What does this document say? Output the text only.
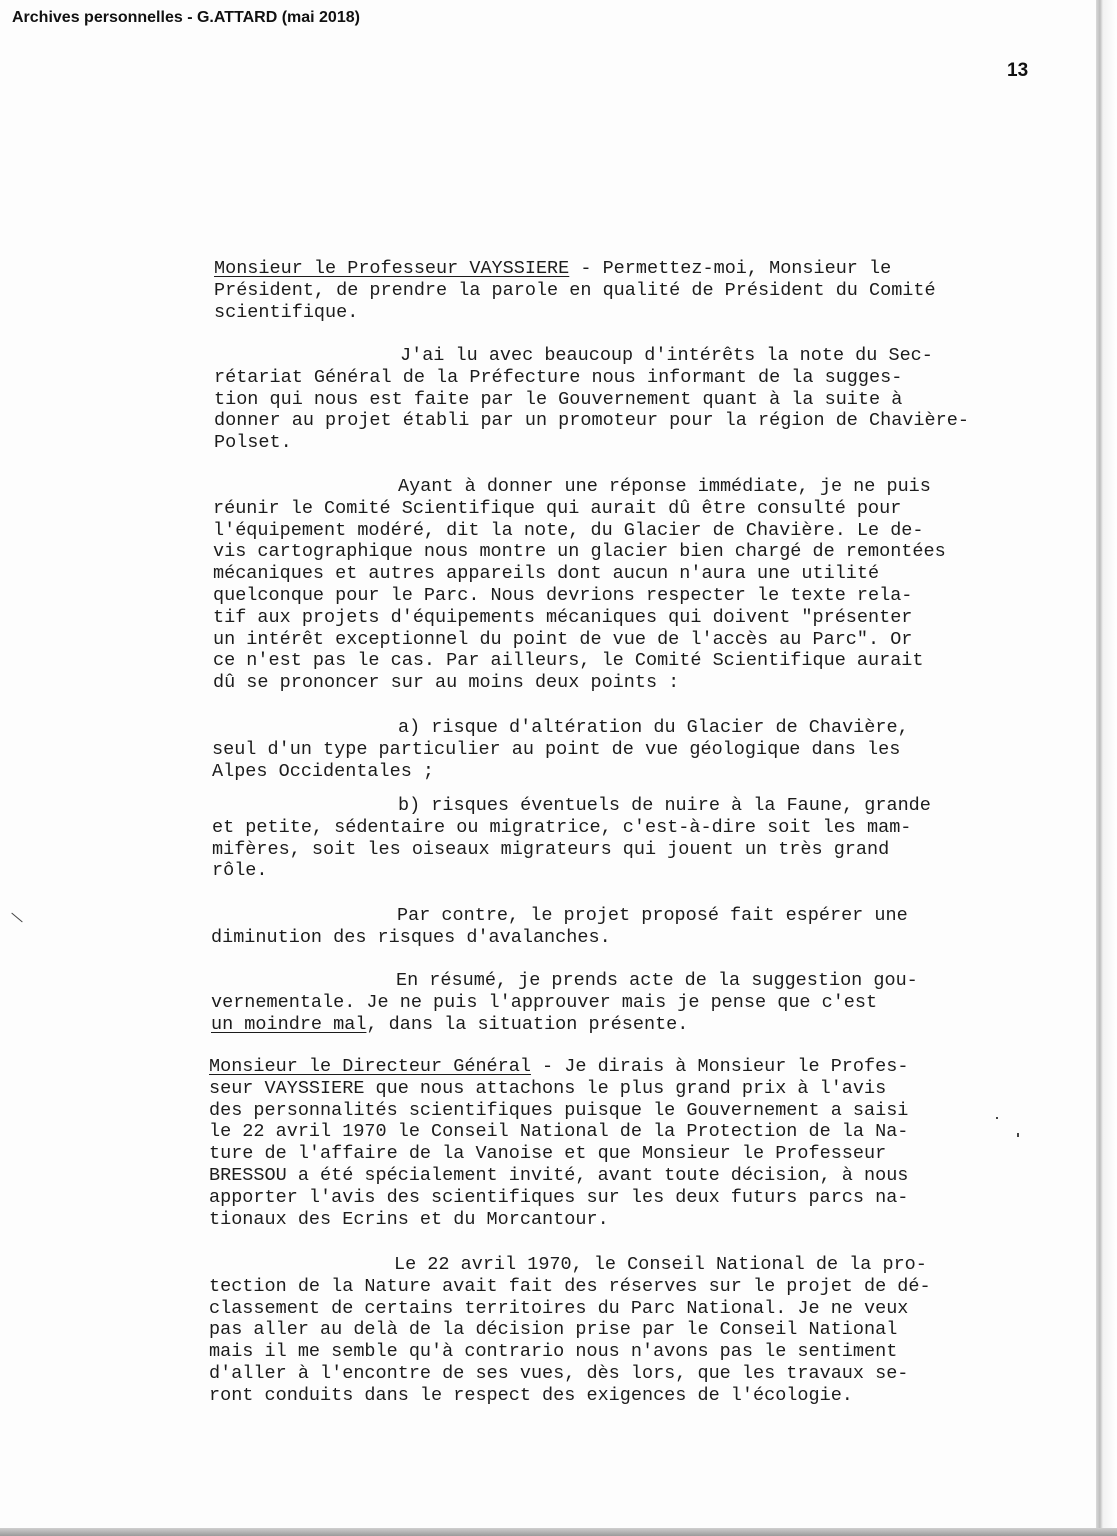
Archives personnelles - G.ATTARD (mai 2018)
13
Monsieur le Professeur VAYSSIERE - Permettez-moi, Monsieur le
Président, de prendre la parole en qualité de Président du Comité
scientifique.
J'ai lu avec beaucoup d'intérêts la note du Sec-
rétariat Général de la Préfecture nous informant de la sugges-
tion qui nous est faite par le Gouvernement quant à la suite à
donner au projet établi par un promoteur pour la région de Chavière-
Polset.
Ayant à donner une réponse immédiate, je ne puis
réunir le Comité Scientifique qui aurait dû être consulté pour
l'équipement modéré, dit la note, du Glacier de Chavière. Le de-
vis cartographique nous montre un glacier bien chargé de remontées
mécaniques et autres appareils dont aucun n'aura une utilité
quelconque pour le Parc. Nous devrions respecter le texte rela-
tif aux projets d'équipements mécaniques qui doivent "présenter
un intérêt exceptionnel du point de vue de l'accès au Parc". Or
ce n'est pas le cas. Par ailleurs, le Comité Scientifique aurait
dû se prononcer sur au moins deux points :
a) risque d'altération du Glacier de Chavière,
seul d'un type particulier au point de vue géologique dans les
Alpes Occidentales ;
b) risques éventuels de nuire à la Faune, grande
et petite, sédentaire ou migratrice, c'est-à-dire soit les mam-
mifères, soit les oiseaux migrateurs qui jouent un très grand
rôle.
Par contre, le projet proposé fait espérer une
diminution des risques d'avalanches.
En résumé, je prends acte de la suggestion gou-
vernementale. Je ne puis l'approuver mais je pense que c'est
un moindre mal, dans la situation présente.
Monsieur le Directeur Général - Je dirais à Monsieur le Profes-
seur VAYSSIERE que nous attachons le plus grand prix à l'avis
des personnalités scientifiques puisque le Gouvernement a saisi
le 22 avril 1970 le Conseil National de la Protection de la Na-
ture de l'affaire de la Vanoise et que Monsieur le Professeur
BRESSOU a été spécialement invité, avant toute décision, à nous
apporter l'avis des scientifiques sur les deux futurs parcs na-
tionaux des Ecrins et du Morcantour.
Le 22 avril 1970, le Conseil National de la pro-
tection de la Nature avait fait des réserves sur le projet de dé-
classement de certains territoires du Parc National. Je ne veux
pas aller au delà de la décision prise par le Conseil National
mais il me semble qu'à contrario nous n'avons pas le sentiment
d'aller à l'encontre de ses vues, dès lors, que les travaux se-
ront conduits dans le respect des exigences de l'écologie.
